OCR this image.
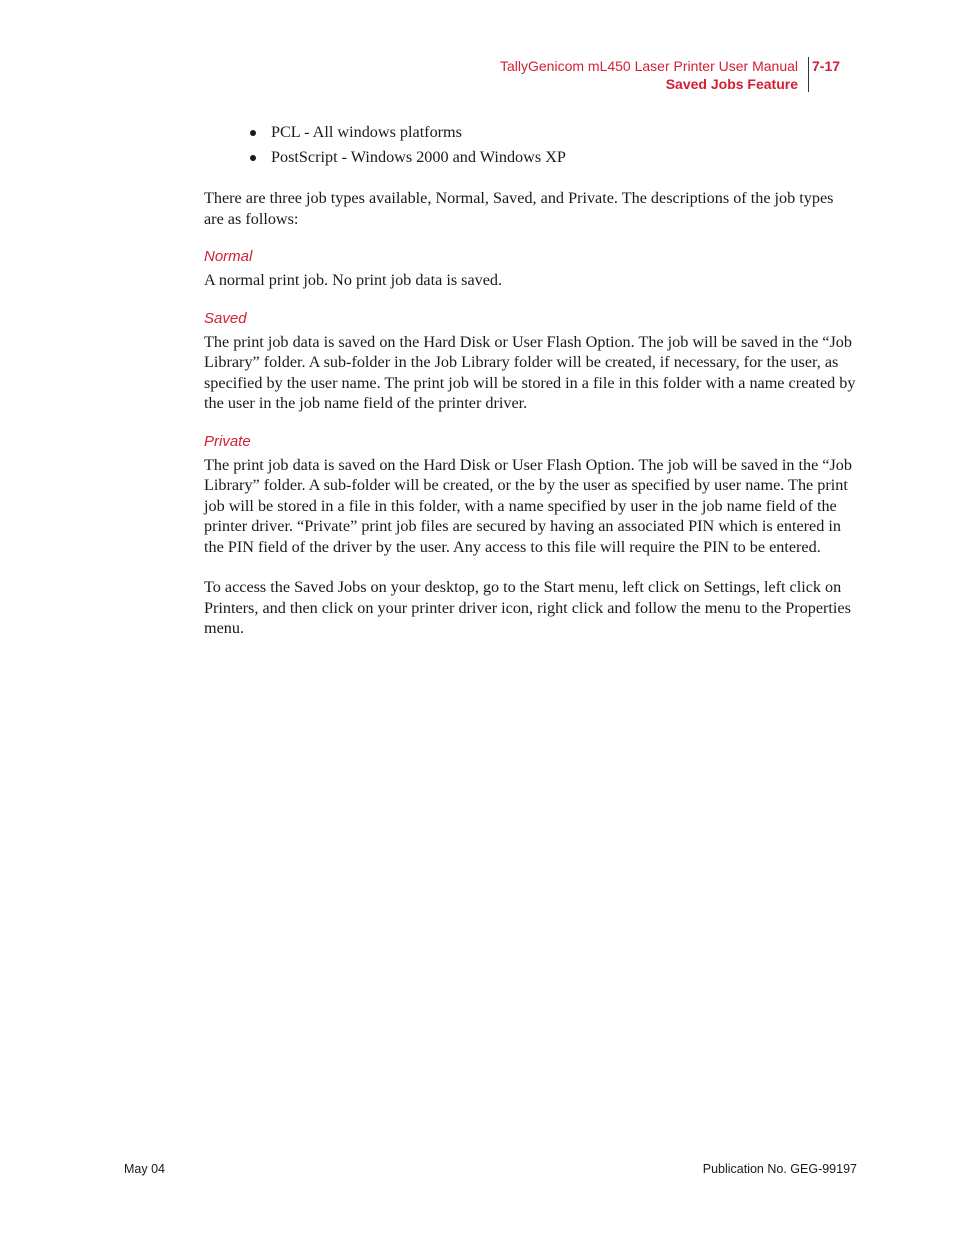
TallyGenicom mL450 Laser Printer User Manual
Saved Jobs Feature
7-17
PCL - All windows platforms
PostScript - Windows 2000 and Windows XP

There are three job types available, Normal, Saved, and Private. The descriptions of the job types are as follows:

Normal

A normal print job. No print job data is saved.

Saved

The print job data is saved on the Hard Disk or User Flash Option. The job will be saved in the “Job Library” folder. A sub-folder in the Job Library folder will be created, if necessary, for the user, as specified by the user name. The print job will be stored in a file in this folder with a name created by the user in the job name field of the printer driver.

Private

The print job data is saved on the Hard Disk or User Flash Option. The job will be saved in the “Job Library” folder. A sub-folder will be created, or the by the user as specified by user name. The print job will be stored in a file in this folder, with a name specified by user in the job name field of the printer driver. “Private” print job files are secured by having an associated PIN which is entered in the PIN field of the driver by the user. Any access to this file will require the PIN to be entered.

To access the Saved Jobs on your desktop, go to the Start menu, left click on Settings, left click on Printers, and then click on your printer driver icon, right click and follow the menu to the Properties menu.

May 04	Publication No. GEG-99197
